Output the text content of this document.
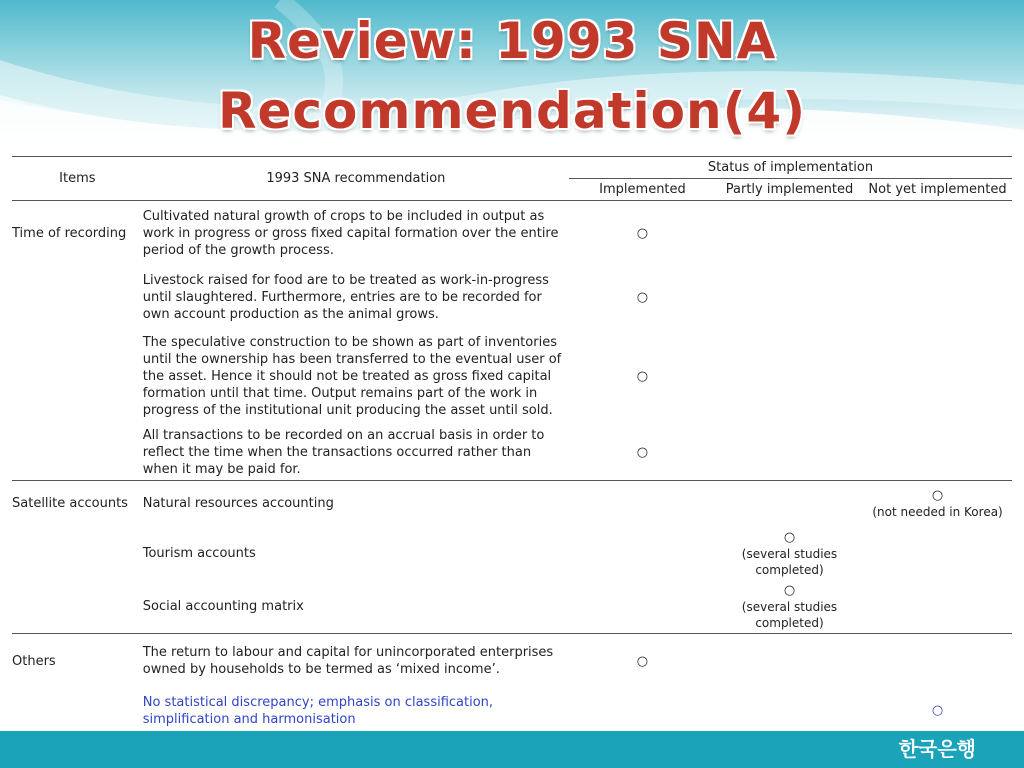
Review: 1993 SNA
Recommendation(4)
Items	1993 SNA recommendation	Status of implementation		
		Implemented	Partly implemented	Not yet implemented
Time of recording	Cultivated natural growth of crops to be included in output as work in progress or gross fixed capital formation over the entire period of the growth process.	○		
	Livestock raised for food are to be treated as work-in-progress until slaughtered. Furthermore, entries are to be recorded for own account production as the animal grows.	○		
	The speculative construction to be shown as part of inventories until the ownership has been transferred to the eventual user of the asset. Hence it should not be treated as gross fixed capital formation until that time. Output remains part of the work in progress of the institutional unit producing the asset until sold.	○		
	All transactions to be recorded on an accrual basis in order to reflect the time when the transactions occurred rather than when it may be paid for.	○		
Satellite accounts	Natural resources accounting			○
(not needed in Korea)

	Tourism accounts		○
(several studies completed)	

	Social accounting matrix		○
(several studies completed)	

Others	The return to labour and capital for unincorporated enterprises owned by households to be termed as ‘mixed income’.	○		
	No statistical discrepancy; emphasis on classification, simplification and harmonisation			○
한국은행
